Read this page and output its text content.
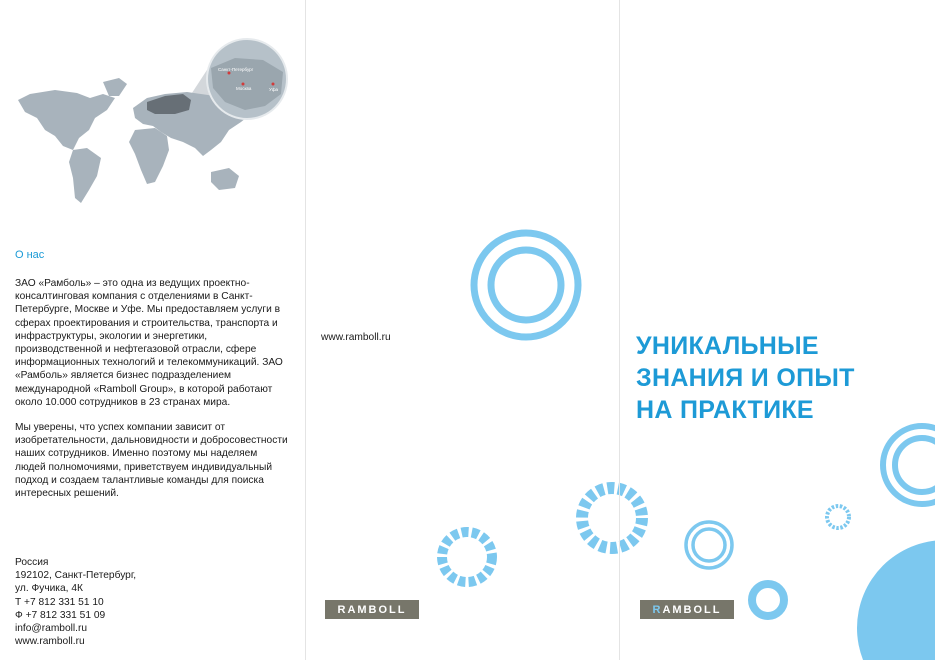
Санкт-Петербург
Москва	Уфа
О нас

ЗАО «Рамболь» – это одна из ведущих проектно-консалтинговая компания с отделениями в Санкт-Петербурге, Москве и Уфе. Мы предоставляем услуги в сферах проектирования и строительства, транспорта и инфраструктуры, экологии и энергетики, производственной и нефтегазовой отрасли, сфере информационных технологий и телекоммуникаций. ЗАО «Рамболь» является бизнес подразделением международной «Ramboll Group», в которой работают около 10.000 сотрудников в 23 странах мира.

Мы уверены, что успех компании зависит от изобретательности, дальновидности и добросовестности наших сотрудников. Именно поэтому мы наделяем людей полномочиями, приветствуем индивидуальный подход и создаем талантливые команды для поиска интересных решений.

Россия
192102, Санкт-Петербург,
ул. Фучика, 4К
Т +7 812 331 51 10
Ф +7 812 331 51 09
info@ramboll.ru
www.ramboll.ru
www.ramboll.ru
RAMBOLL
УНИКАЛЬНЫЕ
ЗНАНИЯ И ОПЫТ
НА ПРАКТИКЕ
R AMBOLL
